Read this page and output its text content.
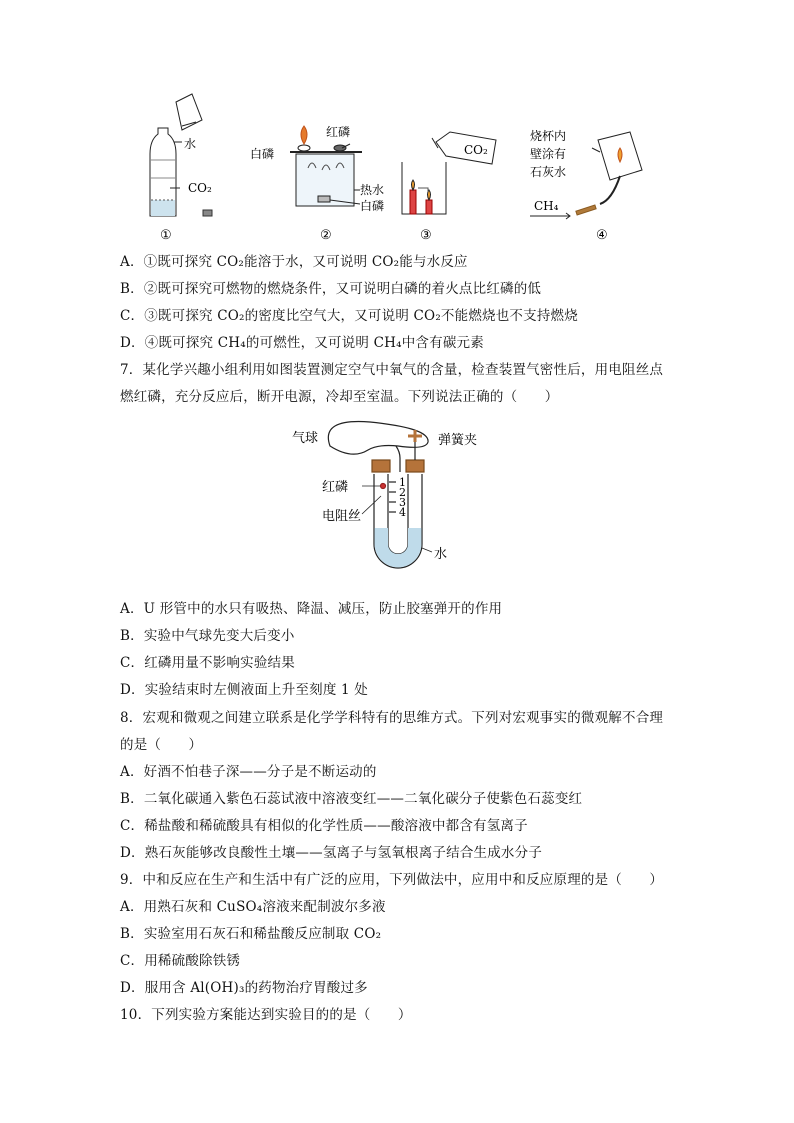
水
CO₂
①
红磷
白磷
热水
白磷
②
CO₂
③
烧杯内
壁涂有
石灰水
CH₄
④
A．①既可探究 CO₂能溶于水，又可说明 CO₂能与水反应
B．②既可探究可燃物的燃烧条件，又可说明白磷的着火点比红磷的低
C．③既可探究 CO₂的密度比空气大，又可说明 CO₂不能燃烧也不支持燃烧
D．④既可探究 CH₄的可燃性，又可说明 CH₄中含有碳元素
7．某化学兴趣小组利用如图装置测定空气中氧气的含量，检查装置气密性后，用电阻丝点
燃红磷，充分反应后，断开电源，冷却至室温。下列说法正确的（　　）
气球	弹簧夹
红磷
电阻丝
水
1
2
3
4
A．U 形管中的水只有吸热、降温、减压，防止胶塞弹开的作用
B．实验中气球先变大后变小
C．红磷用量不影响实验结果
D．实验结束时左侧液面上升至刻度 1 处
8．宏观和微观之间建立联系是化学学科特有的思维方式。下列对宏观事实的微观解不合理
的是（　　）
A．好酒不怕巷子深——分子是不断运动的
B．二氧化碳通入紫色石蕊试液中溶液变红——二氧化碳分子使紫色石蕊变红
C．稀盐酸和稀硫酸具有相似的化学性质——酸溶液中都含有氢离子
D．熟石灰能够改良酸性土壤——氢离子与氢氧根离子结合生成水分子
9．中和反应在生产和生活中有广泛的应用，下列做法中，应用中和反应原理的是（　　）
A．用熟石灰和 CuSO₄溶液来配制波尔多液
B．实验室用石灰石和稀盐酸反应制取 CO₂
C．用稀硫酸除铁锈
D．服用含 Al(OH)₃的药物治疗胃酸过多
10．下列实验方案能达到实验目的的是（　　）
